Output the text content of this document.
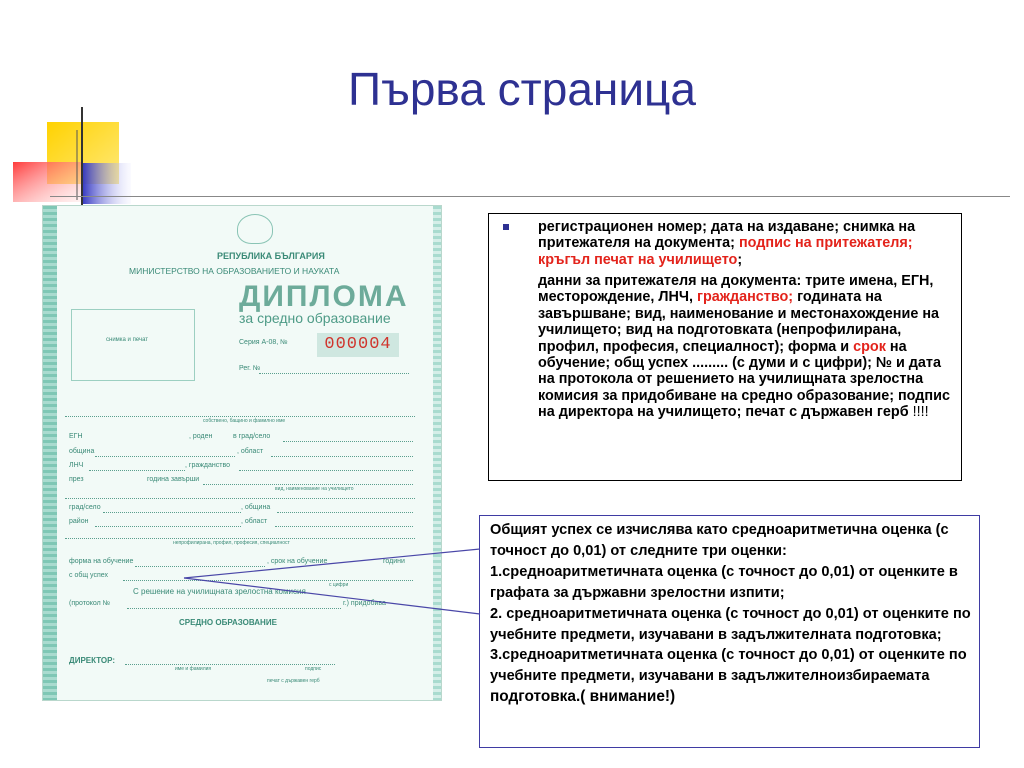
Първа страница
РЕПУБЛИКА БЪЛГАРИЯ
МИНИСТЕРСТВО НА ОБРАЗОВАНИЕТО И НАУКАТА
снимка и печат
ДИПЛОМА
за средно образование
Серия А-08, №	000004
Рег. №
собствено, бащино и фамилно име
ЕГН	, роден	в град/село
община	, област
ЛНЧ	, гражданство
през	година завърши
вид, наименование на училището
град/село	, община
район	, област
непрофилирана, профил, професия, специалност
форма на обучение	, срок на обучение	години
с общ успех
с цифри
С решение на училищната зрелостна комисия
(протокол №	г.) придобива
СРЕДНО ОБРАЗОВАНИЕ
ДИРЕКТОР:
име и фамилия	подпис
печат с държавен герб

регистрационен номер; дата на издаване; снимка на притежателя на документа; подпис на притежателя; кръгъл печат на училището;

данни за притежателя на документа: трите имена, ЕГН, месторождение, ЛНЧ, гражданство; годината на завършване; вид, наименование и местонахождение на училището; вид на подготовката (непрофилирана, профил, професия, специалност); форма и срок на обучение; общ успех ......... (с думи и с цифри); № и дата на протокола от решението на училищната зрелостна комисия за придобиване на средно образование; подпис на директора на училището; печат с държавен герб !!!!

Общият успех се изчислява като средноаритметична оценка (с точност до 0,01) от следните три оценки:
1.средноаритметичната оценка (с точност до 0,01) от оценките в графата за държавни зрелостни изпити;
2. средноаритметичната оценка (с точност до 0,01) от оценките по учебните предмети, изучавани в задължителната подготовка;
3.средноаритметичната оценка (с точност до 0,01) от оценките по учебните предмети, изучавани в задължителноизбираемата подготовка.( внимание!)
